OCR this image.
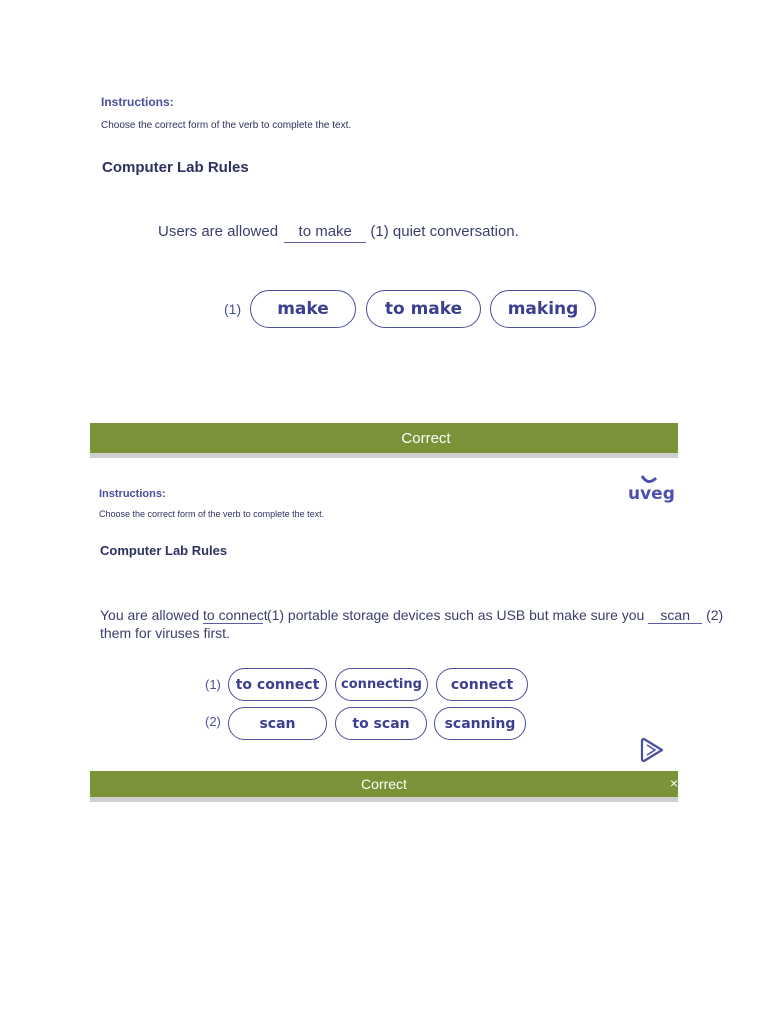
Instructions:
Choose the correct form of the verb to complete the text.
Computer Lab Rules
Users are allowed to make (1) quiet conversation.
(1)	make	to make	making
Correct
Instructions:
Choose the correct form of the verb to complete the text.
uveg
Computer Lab Rules
You are allowed to connect (1) portable storage devices such as USB but make sure you scan (2)
them for viruses first.
(1)	to connect	connecting	connect
(2)	scan	to scan	scanning
Correct	×
